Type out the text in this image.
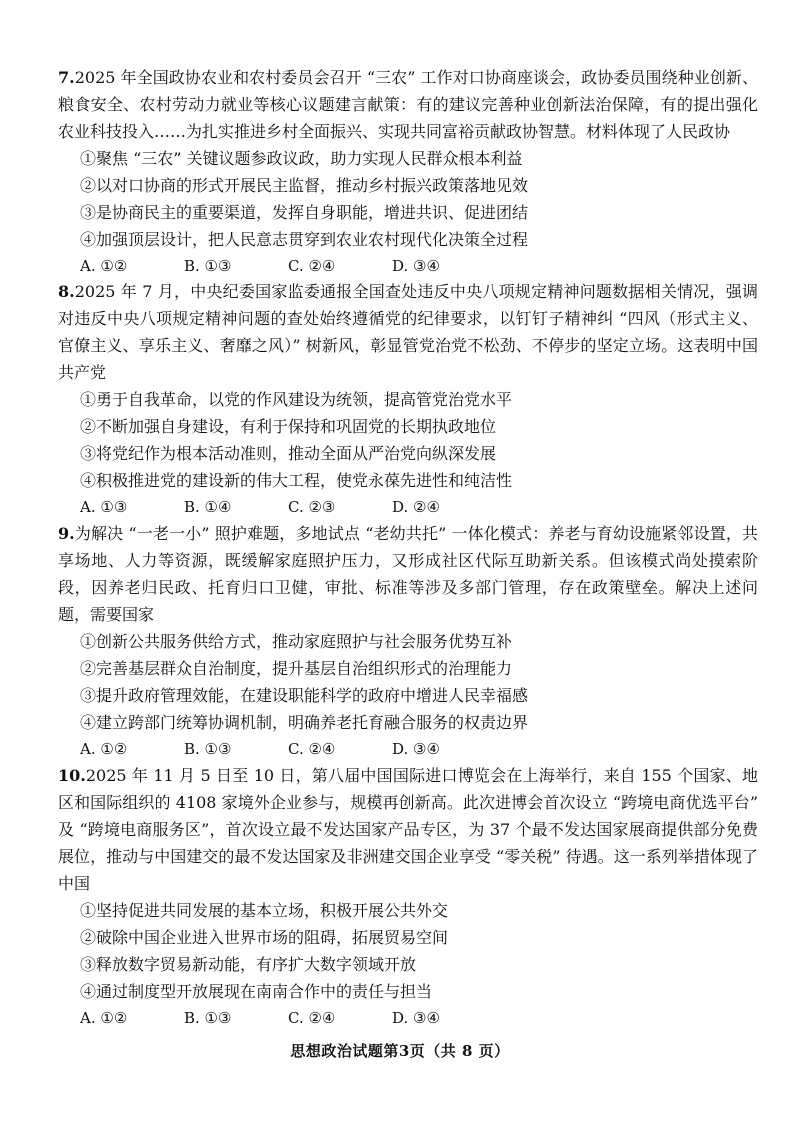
7.2025 年全国政协农业和农村委员会召开 “三农” 工作对口协商座谈会，政协委员围绕种业创新、粮食安全、农村劳动力就业等核心议题建言献策：有的建议完善种业创新法治保障，有的提出强化农业科技投入……为扎实推进乡村全面振兴、实现共同富裕贡献政协智慧。材料体现了人民政协

①聚焦 “三农” 关键议题参政议政，助力实现人民群众根本利益
②以对口协商的形式开展民主监督，推动乡村振兴政策落地见效
③是协商民主的重要渠道，发挥自身职能，增进共识、促进团结
④加强顶层设计，把人民意志贯穿到农业农村现代化决策全过程
A. ①②	B. ①③	C. ②④	D. ③④

8.2025 年 7 月，中央纪委国家监委通报全国查处违反中央八项规定精神问题数据相关情况，强调对违反中央八项规定精神问题的查处始终遵循党的纪律要求，以钉钉子精神纠 “四风（形式主义、官僚主义、享乐主义、奢靡之风）” 树新风，彰显管党治党不松劲、不停步的坚定立场。这表明中国共产党

①勇于自我革命，以党的作风建设为统领，提高管党治党水平
②不断加强自身建设，有利于保持和巩固党的长期执政地位
③将党纪作为根本活动准则，推动全面从严治党向纵深发展
④积极推进党的建设新的伟大工程，使党永葆先进性和纯洁性
A. ①③	B. ①④	C. ②③	D. ②④

9.为解决 “一老一小” 照护难题，多地试点 “老幼共托” 一体化模式：养老与育幼设施紧邻设置，共享场地、人力等资源，既缓解家庭照护压力，又形成社区代际互助新关系。但该模式尚处摸索阶段，因养老归民政、托育归口卫健，审批、标准等涉及多部门管理，存在政策壁垒。解决上述问题，需要国家

①创新公共服务供给方式，推动家庭照护与社会服务优势互补
②完善基层群众自治制度，提升基层自治组织形式的治理能力
③提升政府管理效能，在建设职能科学的政府中增进人民幸福感
④建立跨部门统筹协调机制，明确养老托育融合服务的权责边界
A. ①②	B. ①③	C. ②④	D. ③④

10.2025 年 11 月 5 日至 10 日，第八届中国国际进口博览会在上海举行，来自 155 个国家、地区和国际组织的 4108 家境外企业参与，规模再创新高。此次进博会首次设立 “跨境电商优选平台” 及 “跨境电商服务区”，首次设立最不发达国家产品专区，为 37 个最不发达国家展商提供部分免费展位，推动与中国建交的最不发达国家及非洲建交国企业享受 “零关税” 待遇。这一系列举措体现了中国

①坚持促进共同发展的基本立场，积极开展公共外交
②破除中国企业进入世界市场的阻碍，拓展贸易空间
③释放数字贸易新动能，有序扩大数字领域开放
④通过制度型开放展现在南南合作中的责任与担当
A. ①②	B. ①③	C. ②④	D. ③④
思想政治试题第3页（共 8 页）
